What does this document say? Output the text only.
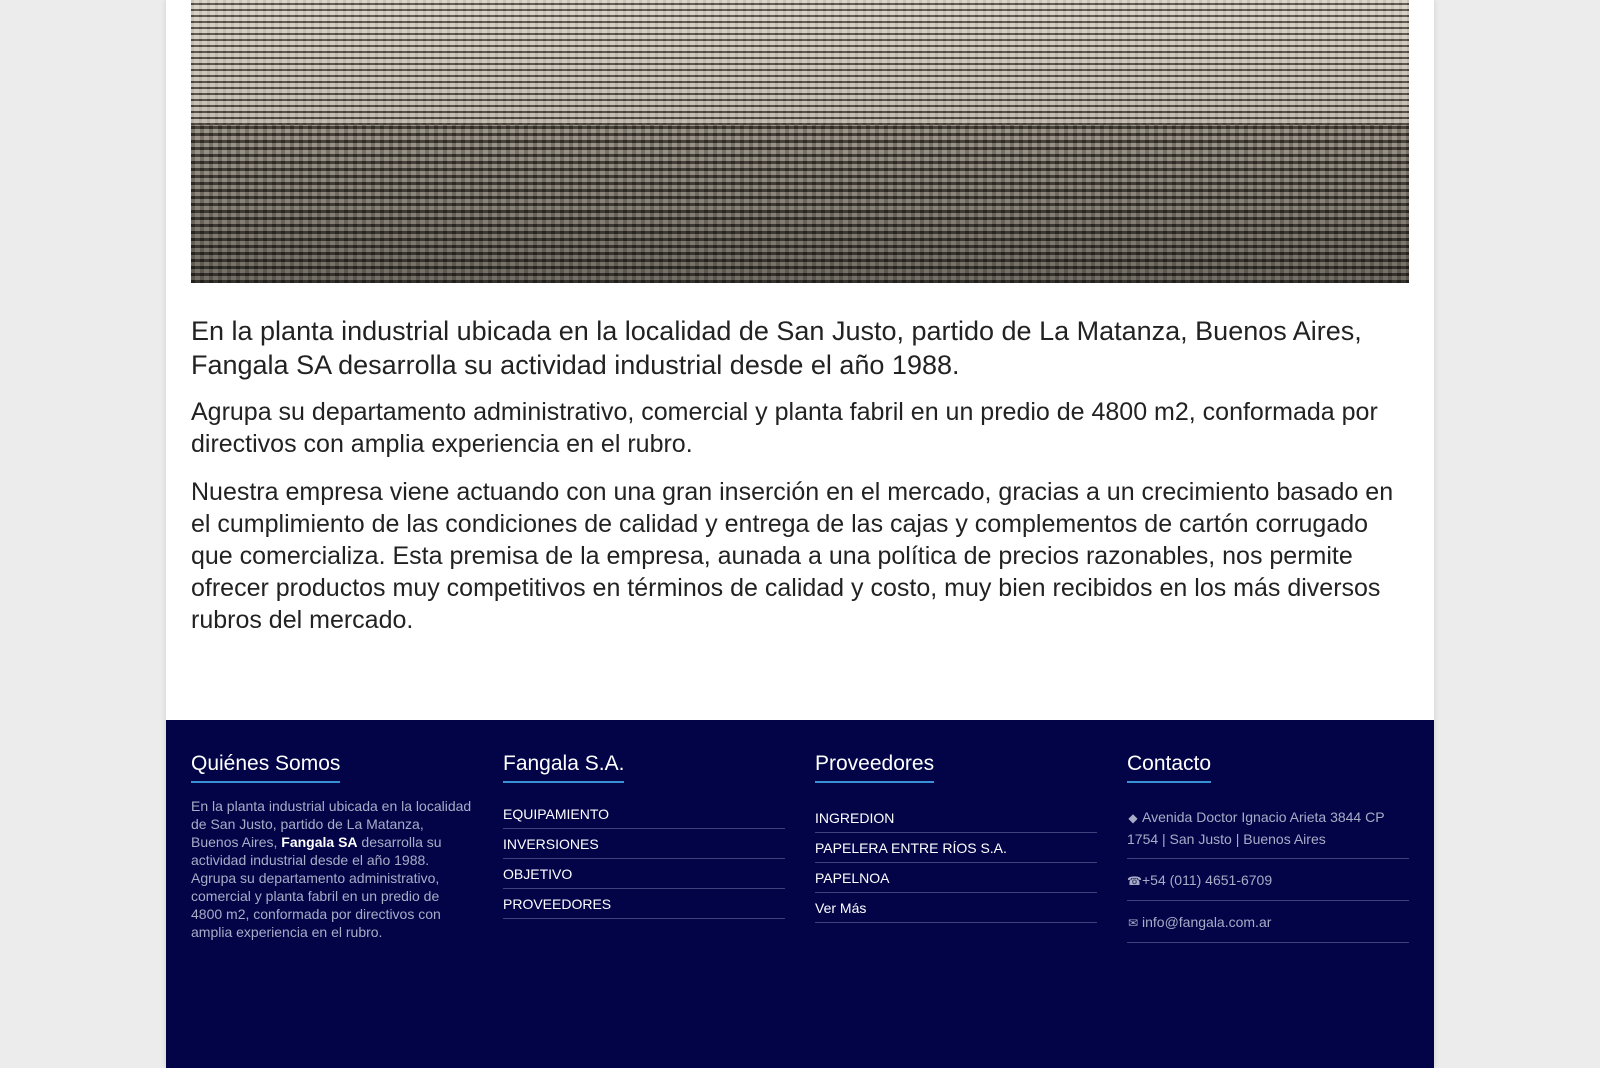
En la planta industrial ubicada en la localidad de San Justo, partido de La Matanza, Buenos Aires, Fangala SA desarrolla su actividad industrial desde el año 1988.

Agrupa su departamento administrativo, comercial y planta fabril en un predio de 4800 m2, conformada por directivos con amplia experiencia en el rubro.

Nuestra empresa viene actuando con una gran inserción en el mercado, gracias a un crecimiento basado en el cumplimiento de las condiciones de calidad y entrega de las cajas y complementos de cartón corrugado que comercializa. Esta premisa de la empresa, aunada a una política de precios razonables, nos permite ofrecer productos muy competitivos en términos de calidad y costo, muy bien recibidos en los más diversos rubros del mercado.

Quiénes Somos
En la planta industrial ubicada en la localidad de San Justo, partido de La Matanza, Buenos Aires, Fangala SA desarrolla su actividad industrial desde el año 1988. Agrupa su departamento administrativo, comercial y planta fabril en un predio de 4800 m2, conformada por directivos con amplia experiencia en el rubro.
Fangala S.A.
EQUIPAMIENTO
INVERSIONES
OBJETIVO
PROVEEDORES
Proveedores
INGREDION
PAPELERA ENTRE RÍOS S.A.
PAPELNOA
Ver Más
Contacto
◆ Avenida Doctor Ignacio Arieta 3844 CP 1754 | San Justo | Buenos Aires
☎+54 (011) 4651-6709
✉ info@fangala.com.ar
